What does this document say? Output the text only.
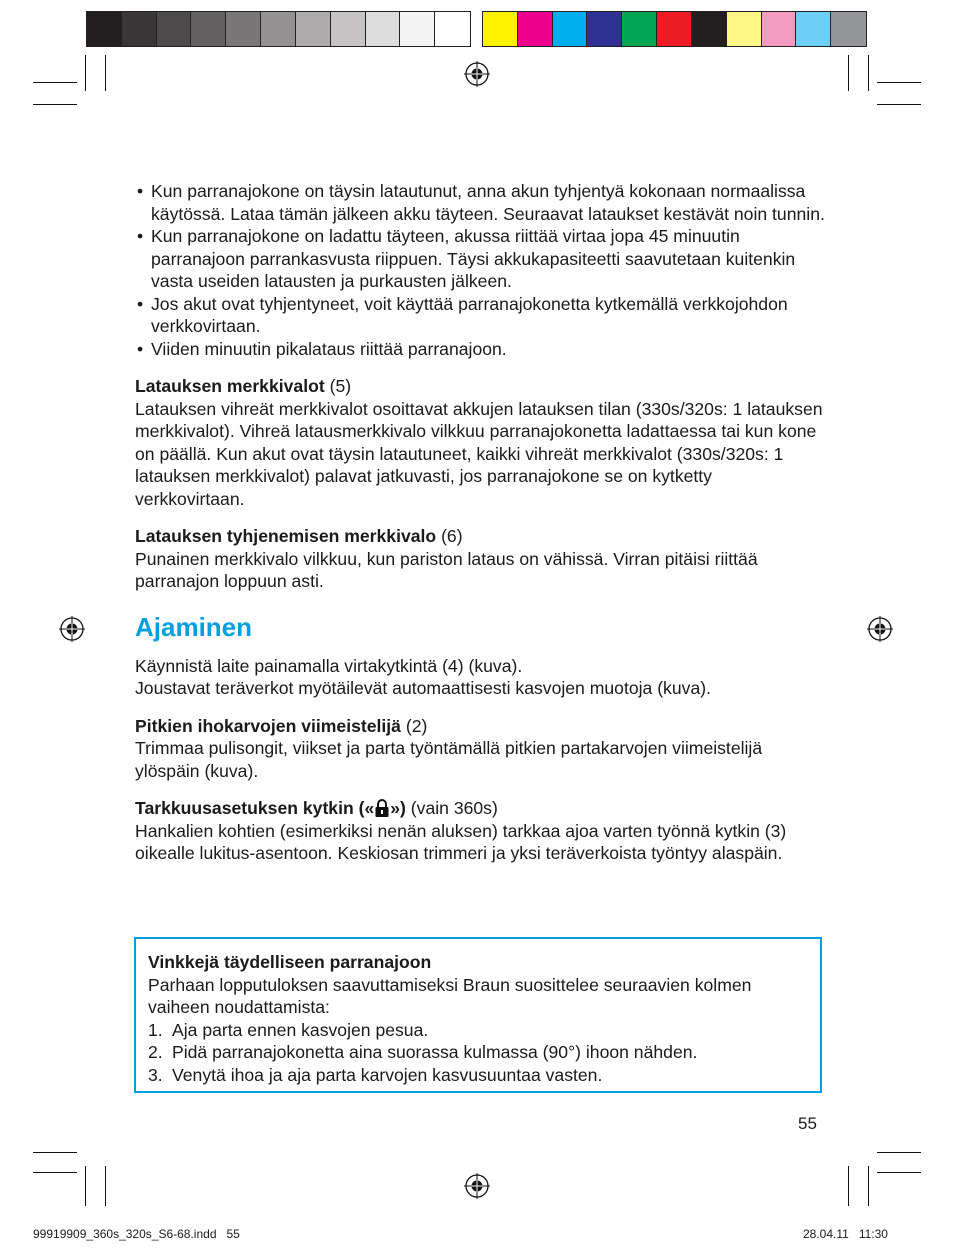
• Kun parranajokone on täysin latautunut, anna akun tyhjentyä kokonaan normaalissa käytössä. Lataa tämän jälkeen akku täyteen. Seuraavat lataukset kestävät noin tunnin.
• Kun parranajokone on ladattu täyteen, akussa riittää virtaa jopa 45 minuutin parranajoon parrankasvusta riippuen. Täysi akkukapasiteetti saavutetaan kuitenkin vasta useiden latausten ja purkausten jälkeen.
• Jos akut ovat tyhjentyneet, voit käyttää parranajokonetta kytkemällä verkkojohdon verkkovirtaan.
• Viiden minuutin pikalataus riittää parranajoon.

Latauksen merkkivalot (5)

Latauksen vihreät merkkivalot osoittavat akkujen latauksen tilan (330s/320s: 1 latauksen merkkivalot). Vihreä latausmerkkivalo vilkkuu parranajokonetta ladattaessa tai kun kone on päällä. Kun akut ovat täysin latautuneet, kaikki vihreät merkkivalot (330s/320s: 1 latauksen merkkivalot) palavat jatkuvasti, jos parranajokone se on kytketty verkkovirtaan.

Latauksen tyhjenemisen merkkivalo (6)

Punainen merkkivalo vilkkuu, kun pariston lataus on vähissä. Virran pitäisi riittää parranajon loppuun asti.

Ajaminen

Käynnistä laite painamalla virtakytkintä (4) (kuva).

Joustavat teräverkot myötäilevät automaattisesti kasvojen muotoja (kuva).

Pitkien ihokarvojen viimeistelijä (2)

Trimmaa pulisongit, viikset ja parta työntämällä pitkien partakarvojen viimeistelijä ylöspäin (kuva).

Tarkkuusasetuksen kytkin (« ») (vain 360s)

Hankalien kohtien (esimerkiksi nenän aluksen) tarkkaa ajoa varten työnnä kytkin (3) oikealle lukitus-asentoon. Keskiosan trimmeri ja yksi teräverkoista työntyy alaspäin.

Vinkkejä täydelliseen parranajoon

Parhaan lopputuloksen saavuttamiseksi Braun suosittelee seuraavien kolmen vaiheen noudattamista:

1. Aja parta ennen kasvojen pesua.
2. Pidä parranajokonetta aina suorassa kulmassa (90°) ihoon nähden.
3. Venytä ihoa ja aja parta karvojen kasvusuuntaa vasten.
55
99919909_360s_320s_S6-68.indd   55	28.04.11   11:30
